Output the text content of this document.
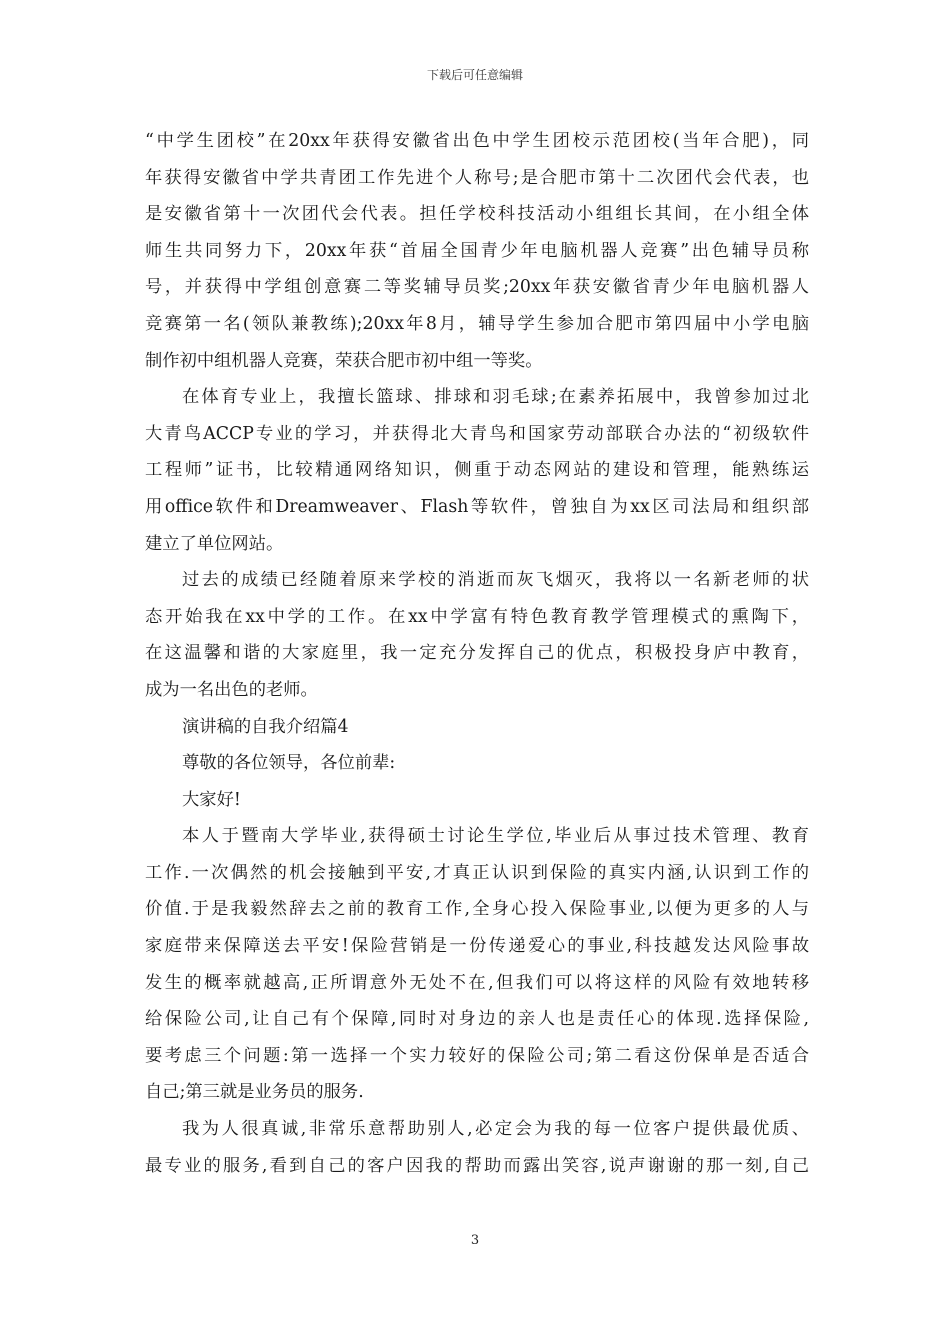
下载后可任意编辑
“中学生团校”在20xx年获得安徽省出色中学生团校示范团校(当年合肥)，同
年获得安徽省中学共青团工作先进个人称号;是合肥市第十二次团代会代表，也
是安徽省第十一次团代会代表。担任学校科技活动小组组长其间，在小组全体
师生共同努力下，20xx年获“首届全国青少年电脑机器人竞赛”出色辅导员称
号，并获得中学组创意赛二等奖辅导员奖;20xx年获安徽省青少年电脑机器人
竞赛第一名(领队兼教练);20xx年8月，辅导学生参加合肥市第四届中小学电脑
制作初中组机器人竞赛，荣获合肥市初中组一等奖。
在体育专业上，我擅长篮球、排球和羽毛球;在素养拓展中，我曾参加过北
大青鸟ACCP专业的学习，并获得北大青鸟和国家劳动部联合办法的“初级软件
工程师”证书，比较精通网络知识，侧重于动态网站的建设和管理，能熟练运
用office软件和Dreamweaver、Flash等软件，曾独自为xx区司法局和组织部
建立了单位网站。
过去的成绩已经随着原来学校的消逝而灰飞烟灭，我将以一名新老师的状
态开始我在xx中学的工作。在xx中学富有特色教育教学管理模式的熏陶下，
在这温馨和谐的大家庭里，我一定充分发挥自己的优点，积极投身庐中教育，
成为一名出色的老师。
演讲稿的自我介绍篇4
尊敬的各位领导，各位前辈:
大家好!
本人于暨南大学毕业,获得硕士讨论生学位,毕业后从事过技术管理、教育
工作.一次偶然的机会接触到平安,才真正认识到保险的真实内涵,认识到工作的
价值.于是我毅然辞去之前的教育工作,全身心投入保险事业,以便为更多的人与
家庭带来保障送去平安!保险营销是一份传递爱心的事业,科技越发达风险事故
发生的概率就越高,正所谓意外无处不在,但我们可以将这样的风险有效地转移
给保险公司,让自己有个保障,同时对身边的亲人也是责任心的体现.选择保险,
要考虑三个问题:第一选择一个实力较好的保险公司;第二看这份保单是否适合
自己;第三就是业务员的服务.
我为人很真诚,非常乐意帮助别人,必定会为我的每一位客户提供最优质、
最专业的服务,看到自己的客户因我的帮助而露出笑容,说声谢谢的那一刻,自己
3
